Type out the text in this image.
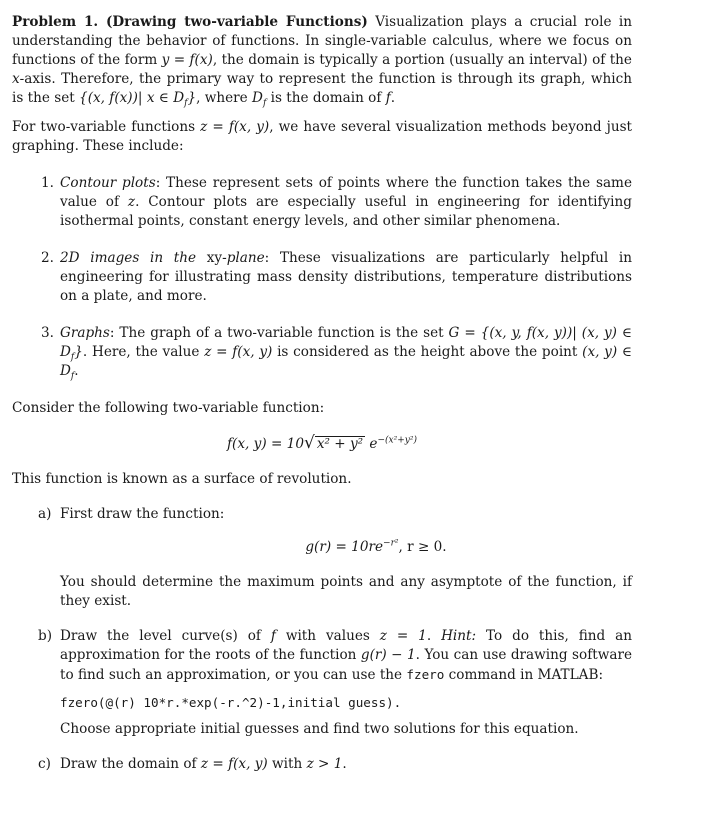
Problem 1. (Drawing two-variable Functions) Visualization plays a crucial role in understanding the behavior of functions. In single-variable calculus, where we focus on functions of the form y = f(x), the domain is typically a portion (usually an interval) of the x-axis. Therefore, the primary way to represent the function is through its graph, which is the set {(x, f(x))| x ∈ $D_f$}, where $D_f$ is the domain of f.

For two-variable functions z = f(x, y), we have several visualization methods beyond just graphing. These include:

1. Contour plots: These represent sets of points where the function takes the same value of z. Contour plots are especially useful in engineering for identifying isothermal points, constant energy levels, and other similar phenomena.
2. 2D images in the xy-plane: These visualizations are particularly helpful in engineering for illustrating mass density distributions, temperature distributions on a plate, and more.
3. Graphs: The graph of a two-variable function is the set G = {(x, y, f(x, y))| (x, y) ∈ $D_f$}. Here, the value z = f(x, y) is considered as the height above the point (x, y) ∈ $D_f$.

Consider the following two-variable function:

f(x, y) = 10√ x² + y² $e^{-(x^2+y^2)}$

This function is known as a surface of revolution.

a) First draw the function:
$g(r) = 10re^{-r^2}$, r ≥ 0.

You should determine the maximum points and any asymptote of the function, if they exist.

b) Draw the level curve(s) of f with values z = 1. Hint: To do this, find an approximation for the roots of the function g(r) − 1. You can use drawing software to find such an approximation, or you can use the fzero command in MATLAB:

fzero(@(r) 10*r.*exp(-r.^2)-1,initial guess).

Choose appropriate initial guesses and find two solutions for this equation.

c) Draw the domain of z = f(x, y) with z > 1.
